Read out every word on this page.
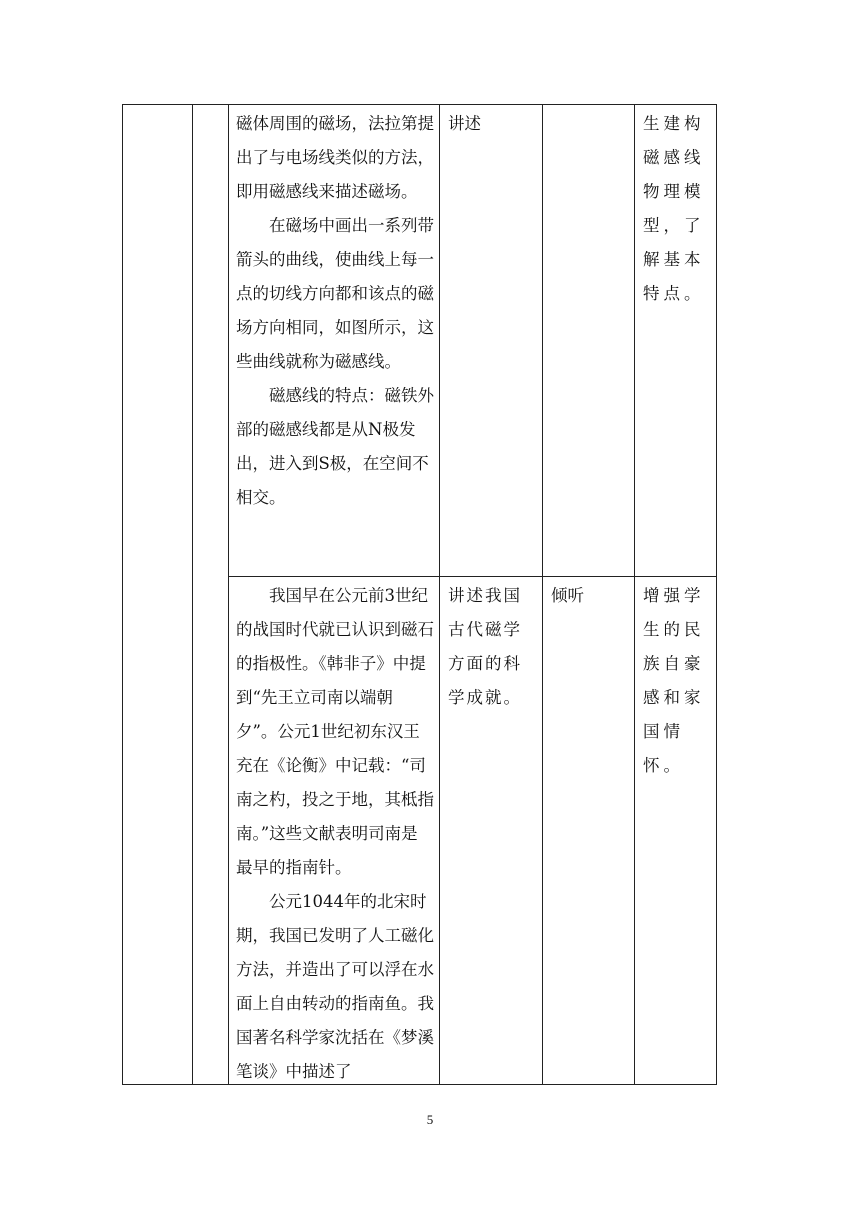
磁体周围的磁场，法拉第提出了与电场线类似的方法，即用磁感线来描述磁场。

在磁场中画出一系列带箭头的曲线，使曲线上每一点的切线方向都和该点的磁场方向相同，如图所示，这些曲线就称为磁感线。

磁感线的特点：磁铁外部的磁感线都是从N极发出，进入到S极，在空间不相交。

讲述	生建构磁感线物理模型，了解基本特点。

我国早在公元前3世纪的战国时代就已认识到磁石的指极性。《韩非子》中提到“先王立司南以端朝夕”。公元1世纪初东汉王充在《论衡》中记载：“司南之杓，投之于地，其柢指南。”这些文献表明司南是最早的指南针。

公元1044年的北宋时期，我国已发明了人工磁化方法，并造出了可以浮在水面上自由转动的指南鱼。我国著名科学家沈括在《梦溪笔谈》中描述了

讲述我国古代磁学方面的科学成就。

倾听	增强学生的民族自豪感和家国情怀。

5
